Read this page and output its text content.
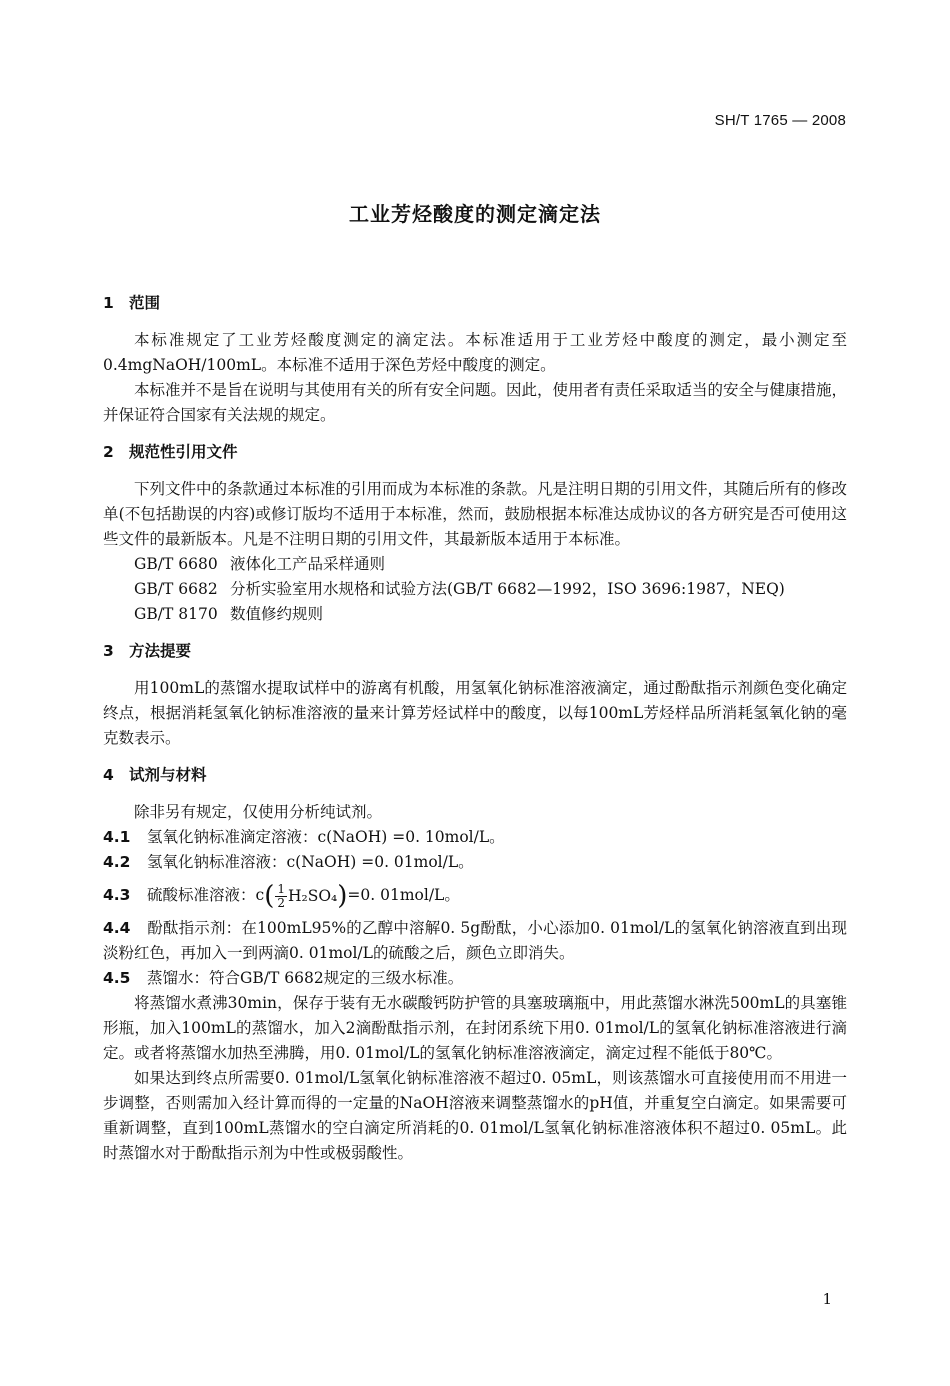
SH/T 1765 — 2008
工业芳烃酸度的测定滴定法
1 范围

本标准规定了工业芳烃酸度测定的滴定法。本标准适用于工业芳烃中酸度的测定，最小测定至0.4mgNaOH/100mL。本标准不适用于深色芳烃中酸度的测定。

本标准并不是旨在说明与其使用有关的所有安全问题。因此，使用者有责任采取适当的安全与健康措施，并保证符合国家有关法规的规定。

2 规范性引用文件

下列文件中的条款通过本标准的引用而成为本标准的条款。凡是注明日期的引用文件，其随后所有的修改单(不包括勘误的内容)或修订版均不适用于本标准，然而，鼓励根据本标准达成协议的各方研究是否可使用这些文件的最新版本。凡是不注明日期的引用文件，其最新版本适用于本标准。

GB/T 6680 液体化工产品采样通则
GB/T 6682 分析实验室用水规格和试验方法(GB/T 6682—1992，ISO 3696:1987，NEQ)
GB/T 8170 数值修约规则
3 方法提要

用100mL的蒸馏水提取试样中的游离有机酸，用氢氧化钠标准溶液滴定，通过酚酞指示剂颜色变化确定终点，根据消耗氢氧化钠标准溶液的量来计算芳烃试样中的酸度，以每100mL芳烃样品所消耗氢氧化钠的毫克数表示。

4 试剂与材料

除非另有规定，仅使用分析纯试剂。

4.1 氢氧化钠标准滴定溶液：c(NaOH) =0. 10mol/L。
4.2 氢氧化钠标准溶液：c(NaOH) =0. 01mol/L。
4.3 硫酸标准溶液：c ( 1
2 H₂SO₄ ) =0. 01mol/L。
4.4 酚酞指示剂：在100mL95%的乙醇中溶解0. 5g酚酞，小心添加0. 01mol/L的氢氧化钠溶液直到出现淡粉红色，再加入一到两滴0. 01mol/L的硫酸之后，颜色立即消失。
4.5 蒸馏水：符合GB/T 6682规定的三级水标准。

将蒸馏水煮沸30min，保存于装有无水碳酸钙防护管的具塞玻璃瓶中，用此蒸馏水淋洗500mL的具塞锥形瓶，加入100mL的蒸馏水，加入2滴酚酞指示剂，在封闭系统下用0. 01mol/L的氢氧化钠标准溶液进行滴定。或者将蒸馏水加热至沸腾，用0. 01mol/L的氢氧化钠标准溶液滴定，滴定过程不能低于80℃。

如果达到终点所需要0. 01mol/L氢氧化钠标准溶液不超过0. 05mL，则该蒸馏水可直接使用而不用进一步调整，否则需加入经计算而得的一定量的NaOH溶液来调整蒸馏水的pH值，并重复空白滴定。如果需要可重新调整，直到100mL蒸馏水的空白滴定所消耗的0. 01mol/L氢氧化钠标准溶液体积不超过0. 05mL。此时蒸馏水对于酚酞指示剂为中性或极弱酸性。

1
